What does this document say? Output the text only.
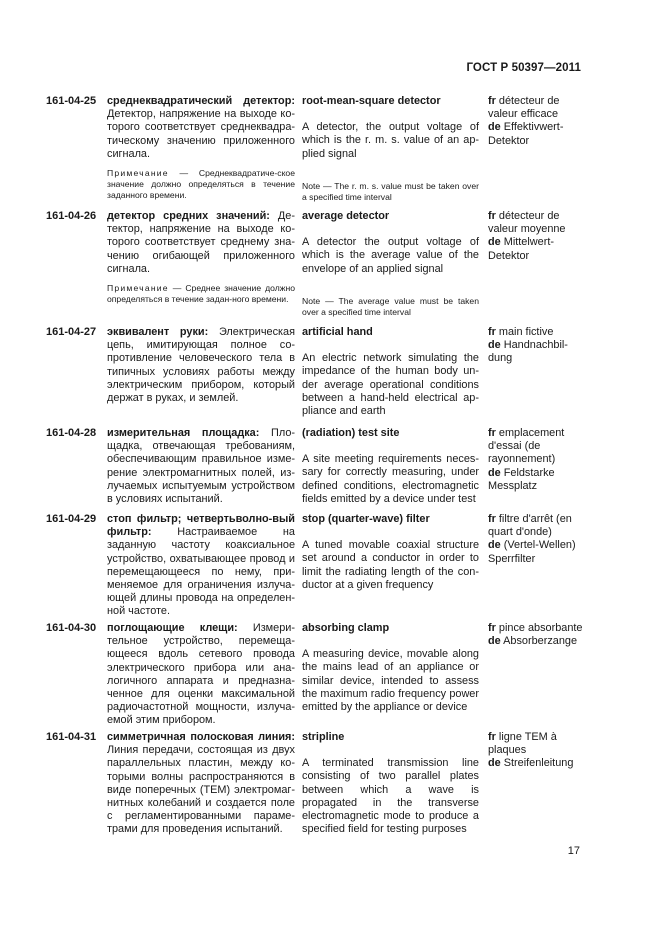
ГОСТ Р 50397—2011
161-04-25 среднеквадратический детектор: Детектор, напряжение на выходе ко-торого соответствует среднеквадра-тическому значению приложенного сигнала.
Примечание — Среднеквадратиче-ское значение должно определяться в течение заданного времени.
root-mean-square detector
A detector, the output voltage of which is the r. m. s. value of an ap-plied signal
Note — The r. m. s. value must be taken over a specified time interval
fr détecteur de valeur efficace
de Effektivwert-Detektor
161-04-26 детектор средних значений: Де-тектор, напряжение на выходе ко-торого соответствует среднему зна-чению огибающей приложенного сигнала.
Примечание — Среднее значение должно определяться в течение задан-ного времени.
average detector
A detector the output voltage of which is the average value of the envelope of an applied signal
Note — The average value must be taken over a specified time interval
fr détecteur de valeur moyenne
de Mittelwert-Detektor
161-04-27 эквивалент руки: Электрическая цепь, имитирующая полное со-противление человеческого тела в типичных условиях работы между электрическим прибором, который держат в руках, и землей.
artificial hand
An electric network simulating the impedance of the human body un-der average operational conditions between a hand-held electrical ap-pliance and earth
fr main fictive
de Handnachbil-dung
161-04-28 измерительная площадка: Пло-щадка, отвечающая требованиям, обеспечивающим правильное изме-рение электромагнитных полей, из-лучаемых испытуемым устройством в условиях испытаний.
(radiation) test site
A site meeting requirements neces-sary for correctly measuring, under defined conditions, electromagnetic fields emitted by a device under test
fr emplacement d'essai (de rayonnement)
de Feldstarke Messplatz
161-04-29 стоп фильтр; четвертьволно-вый фильтр: Настраиваемое на заданную частоту коаксиальное устройство, охватывающее провод и перемещающееся по нему, при-меняемое для ограничения излуча-ющей длины провода на определен-ной частоте.
stop (quarter-wave) filter
A tuned movable coaxial structure set around a conductor in order to limit the radiating length of the con-ductor at a given frequency
fr filtre d'arrêt (en quart d'onde)
de (Vertel-Wellen) Sperrfilter
161-04-30 поглощающие клещи: Измери-тельное устройство, перемеща-ющееся вдоль сетевого провода электрического прибора или ана-логичного аппарата и предназна-ченное для оценки максимальной радиочастотной мощности, излуча-емой этим прибором.
absorbing clamp
A measuring device, movable along the mains lead of an appliance or similar device, intended to assess the maximum radio frequency power emitted by the appliance or device
fr pince absorbante
de Absorberzange
161-04-31 симметричная полосковая линия: Линия передачи, состоящая из двух параллельных пластин, между ко-торыми волны распространяются в виде поперечных (ТЕМ) электромаг-нитных колебаний и создается поле с регламентированными параме-трами для проведения испытаний.
stripline
A terminated transmission line consisting of two parallel plates between which a wave is propagated in the transverse electromagnetic mode to produce a specified field for testing purposes
fr ligne TEM à plaques
de Streifenleitung
17
